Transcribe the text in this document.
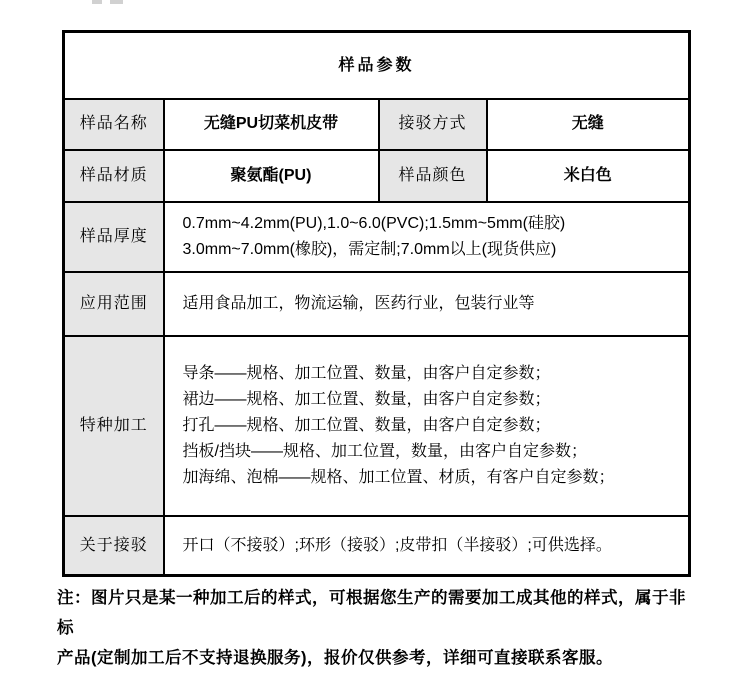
样品参数			
样品名称	无缝PU切菜机皮带	接驳方式	无缝
样品材质	聚氨酯(PU)	样品颜色	米白色
样品厚度	0.7mm~4.2mm(PU),1.0~6.0(PVC);1.5mm~5mm(硅胶)
3.0mm~7.0mm(橡胶)，需定制;7.0mm以上(现货供应)		

应用范围	适用食品加工，物流运输，医药行业，包装行业等		
特种加工	导条——规格、加工位置、数量，由客户自定参数；
裙边——规格、加工位置、数量，由客户自定参数；
打孔——规格、加工位置、数量，由客户自定参数；
挡板/挡块——规格、加工位置，数量，由客户自定参数；
加海绵、泡棉——规格、加工位置、材质，有客户自定参数；		

关于接驳	开口（不接驳）;环形（接驳）;皮带扣（半接驳）;可供选择。		
注：图片只是某一种加工后的样式，可根据您生产的需要加工成其他的样式，属于非标
产品(定制加工后不支持退换服务)，报价仅供参考，详细可直接联系客服。
